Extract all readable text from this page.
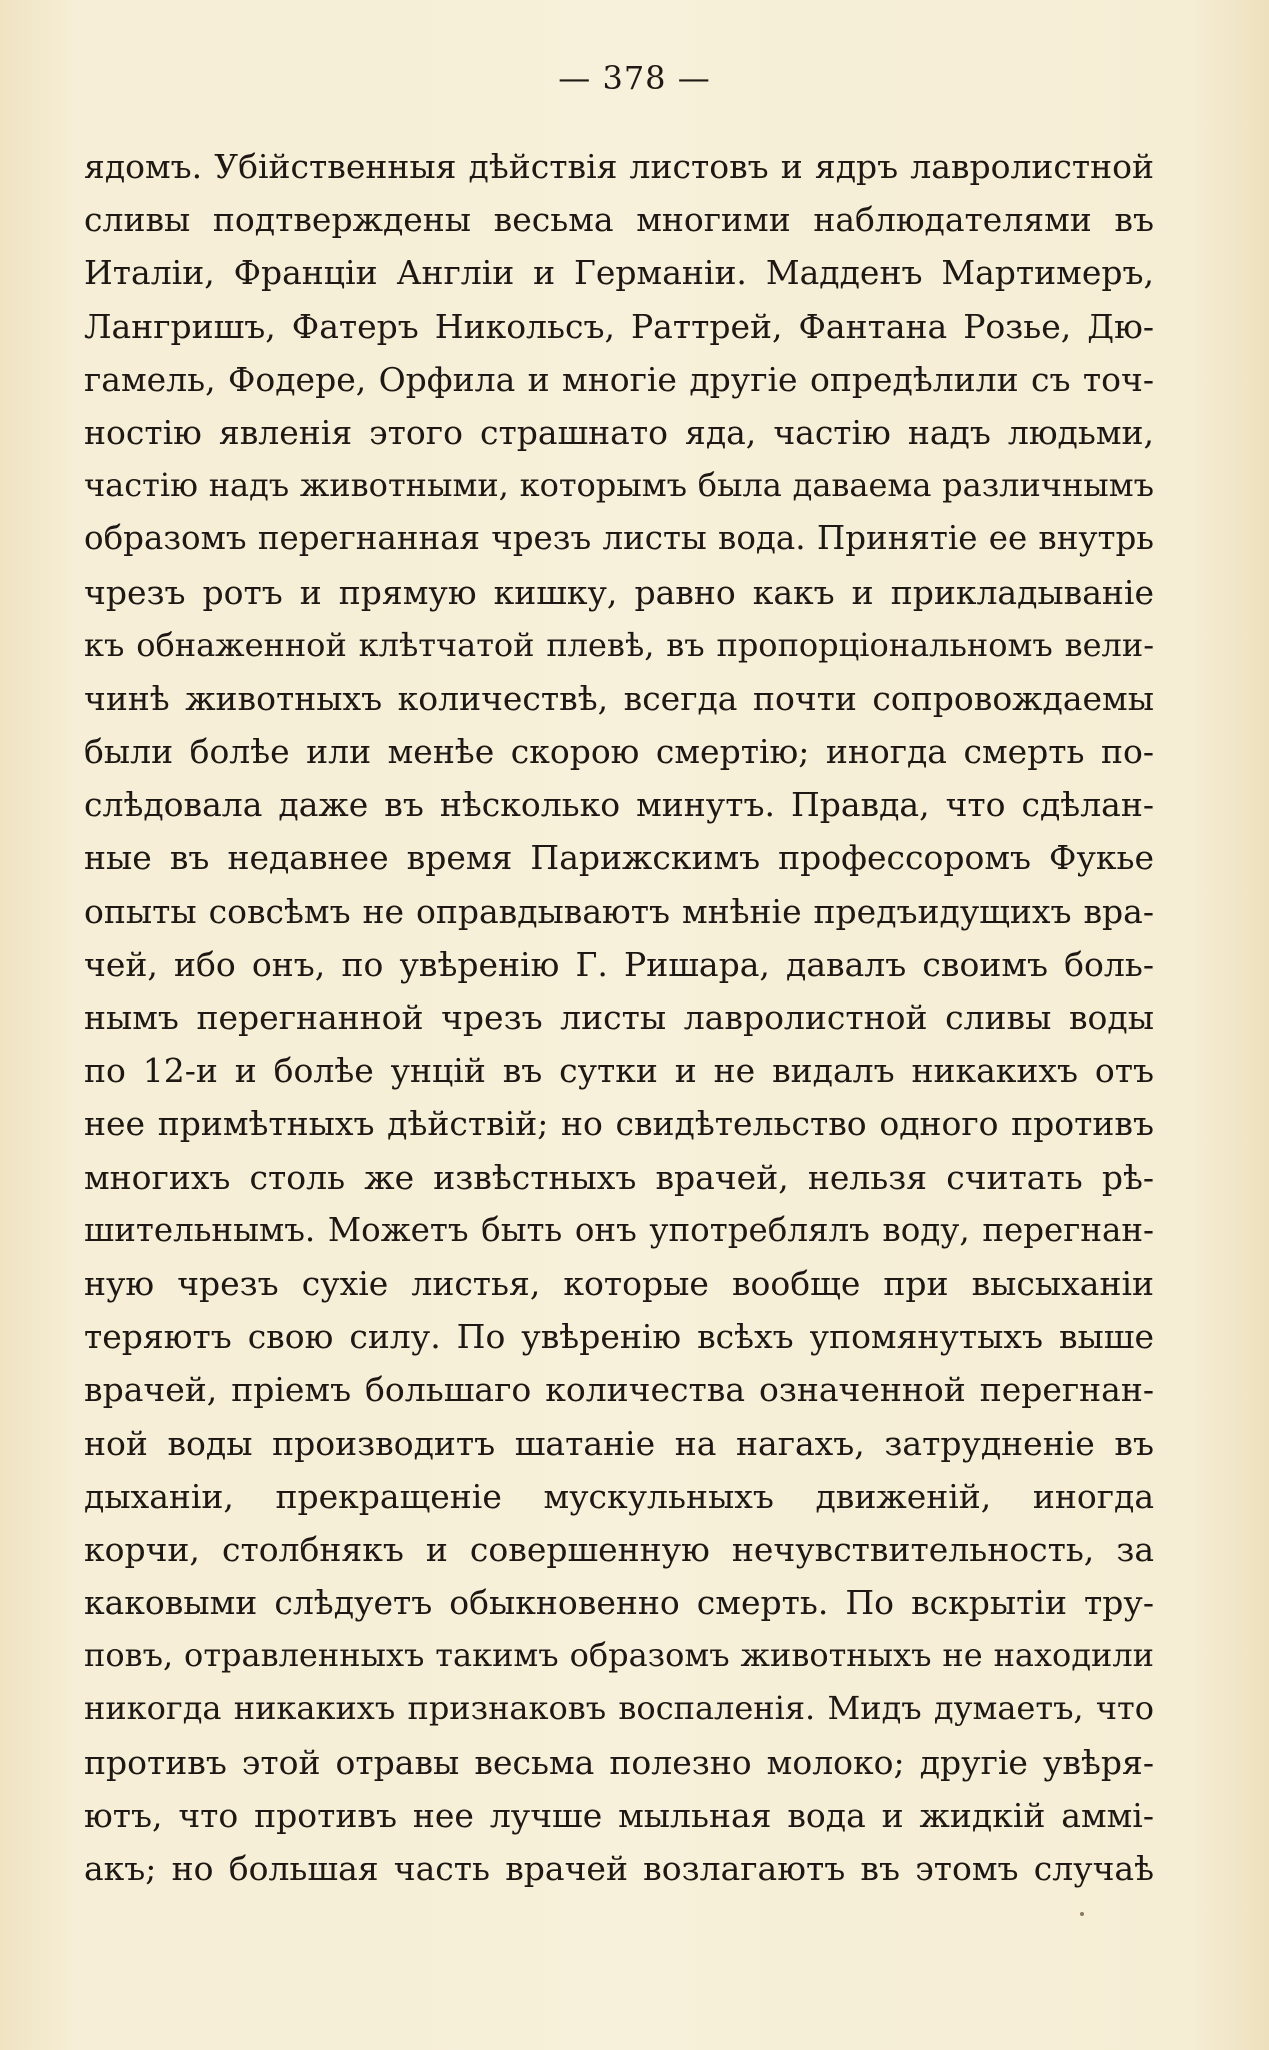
— 378 —
ядомъ. Убiйственныя дѣйствiя листовъ и ядръ лавролистной
сливы подтверждены весьма многими наблюдателями въ
Италiи, Францiи Англiи и Германiи. Мадденъ Мартимеръ,
Лангришъ, Фатеръ Никольсъ, Раттрей, Фантана Розье, Дю-
гамель, Фодере, Орфила и многiе другiе опредѣлили съ точ-
ностiю явленiя этого страшнато яда, частiю надъ людьми,
частiю надъ животными, которымъ была даваема различнымъ
образомъ перегнанная чрезъ листы вода. Принятiе ее внутрь
чрезъ ротъ и прямую кишку, равно какъ и прикладыванiе
къ обнаженной клѣтчатой плевѣ, въ пропорцiональномъ вели-
чинѣ животныхъ количествѣ, всегда почти сопровождаемы
были болѣе или менѣе скорою смертiю; иногда смерть по-
слѣдовала даже въ нѣсколько минутъ. Правда, что сдѣлан-
ные въ недавнее время Парижскимъ профессоромъ Фукье
опыты совсѣмъ не оправдываютъ мнѣнiе предъидущихъ вра-
чей, ибо онъ, по увѣренiю Г. Ришара, давалъ своимъ боль-
нымъ перегнанной чрезъ листы лавролистной сливы воды
по 12-и и болѣе унцiй въ сутки и не видалъ никакихъ отъ
нее примѣтныхъ дѣйствiй; но свидѣтельство одного противъ
многихъ столь же извѣстныхъ врачей, нельзя считать рѣ-
шительнымъ. Можетъ быть онъ употреблялъ воду, перегнан-
ную чрезъ сухiе листья, которые вообще при высыханiи
теряютъ свою силу. По увѣренiю всѣхъ упомянутыхъ выше
врачей, прiемъ большаго количества означенной перегнан-
ной воды производитъ шатанiе на нагахъ, затрудненiе въ
дыханiи, прекращенiе мускульныхъ движенiй, иногда
корчи, столбнякъ и совершенную нечувствительность, за
каковыми слѣдуетъ обыкновенно смерть. По вскрытiи тру-
повъ, отравленныхъ такимъ образомъ животныхъ не находили
никогда никакихъ признаковъ воспаленiя. Мидъ думаетъ, что
противъ этой отравы весьма полезно молоко; другiе увѣря-
ютъ, что противъ нее лучше мыльная вода и жидкiй аммi-
акъ; но большая часть врачей возлагаютъ въ этомъ случаѣ
